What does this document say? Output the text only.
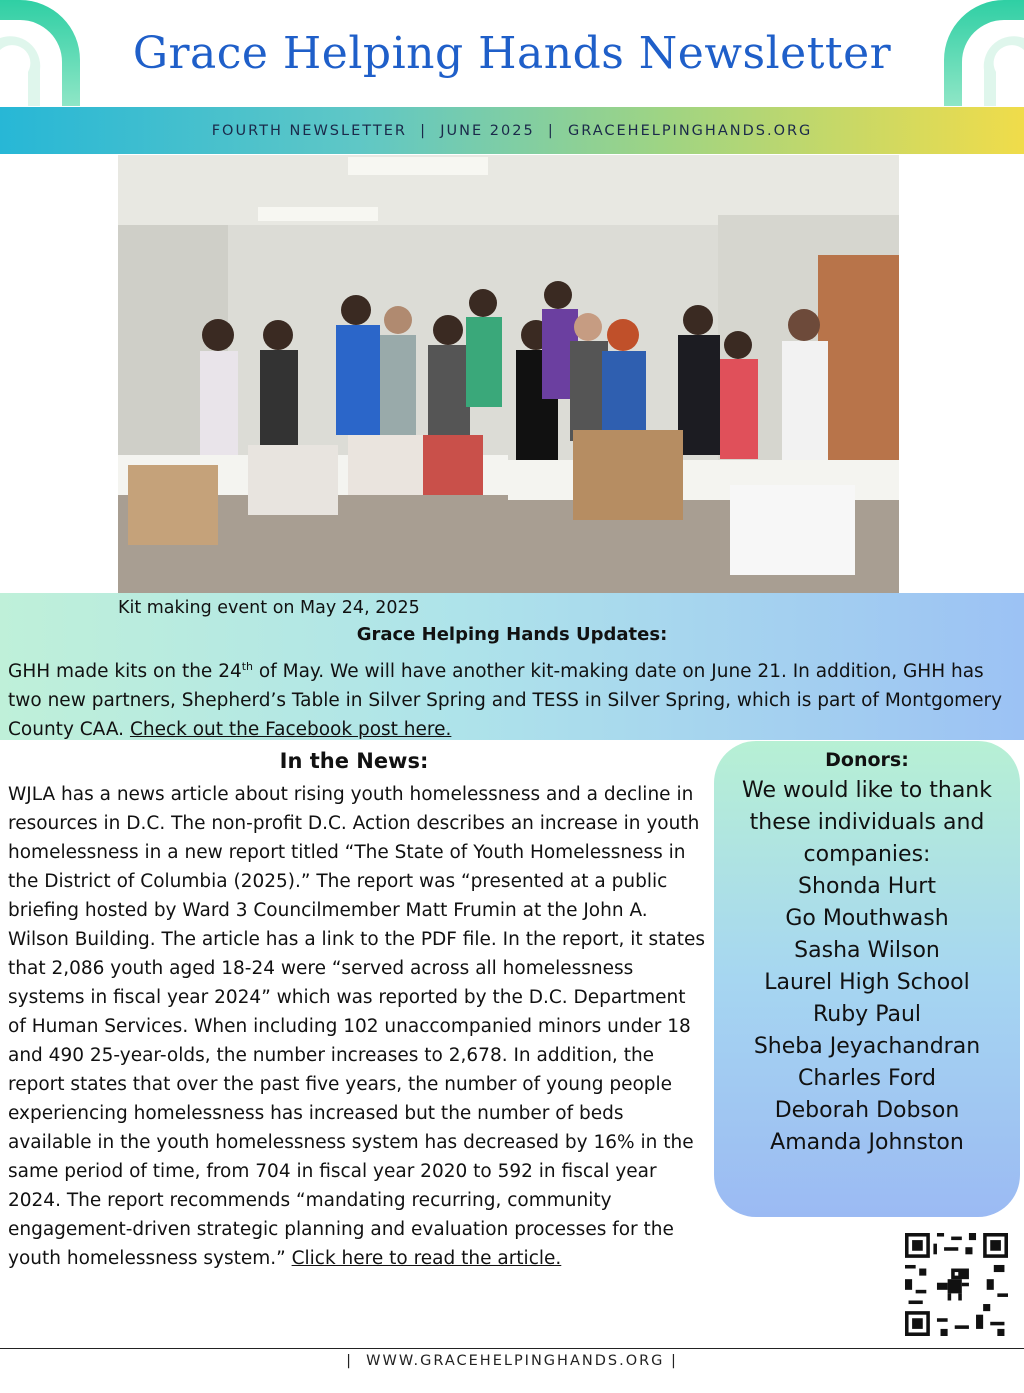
Grace Helping Hands Newsletter
FOURTH NEWSLETTER  |  JUNE 2025  |  GRACEHELPINGHANDS.ORG
Kit making event on May 24, 2025
Grace Helping Hands Updates:
GHH made kits on the 24th of May. We will have another kit-making date on June 21. In addition, GHH has two new partners, Shepherd’s Table in Silver Spring and TESS in Silver Spring, which is part of Montgomery County CAA. Check out the Facebook post here.
In the News:
WJLA has a news article about rising youth homelessness and a decline in resources in D.C. The non-profit D.C. Action describes an increase in youth homelessness in a new report titled “The State of Youth Homelessness in the District of Columbia (2025).” The report was “presented at a public briefing hosted by Ward 3 Councilmember Matt Frumin at the John A. Wilson Building. The article has a link to the PDF file. In the report, it states that 2,086 youth aged 18-24 were “served across all homelessness systems in fiscal year 2024” which was reported by the D.C. Department of Human Services. When including 102 unaccompanied minors under 18 and 490 25-year-olds, the number increases to 2,678. In addition, the report states that over the past five years, the number of young people experiencing homelessness has increased but the number of beds available in the youth homelessness system has decreased by 16% in the same period of time, from 704 in fiscal year 2020 to 592 in fiscal year 2024. The report recommends “mandating recurring, community engagement-driven strategic planning and evaluation processes for the youth homelessness system.” Click here to read the article.
Donors:
We would like to thank these individuals and companies:
Shonda Hurt
Go Mouthwash
Sasha Wilson
Laurel High School
Ruby Paul
Sheba Jeyachandran
Charles Ford
Deborah Dobson
Amanda Johnston
|  WWW.GRACEHELPINGHANDS.ORG |
